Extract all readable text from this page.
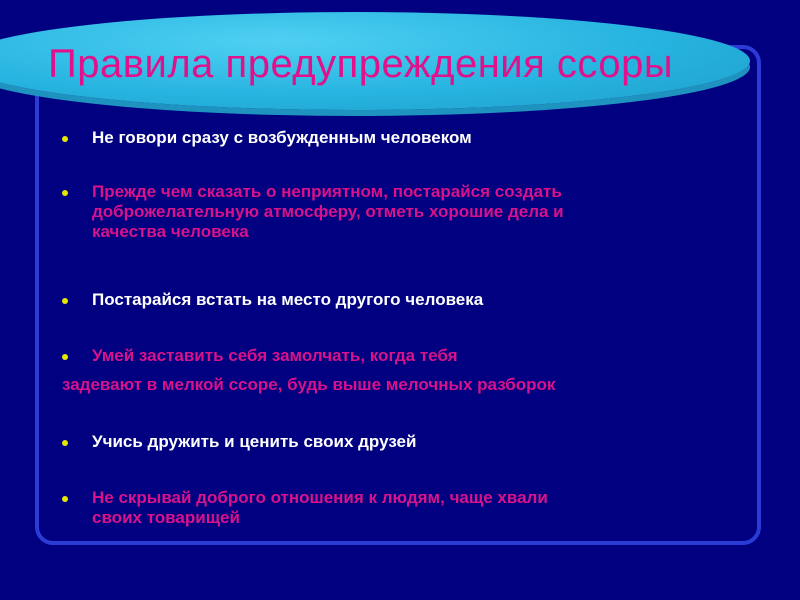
Правила предупреждения ссоры
Не говори сразу с возбужденным человеком
Прежде чем сказать о неприятном, постарайся создать
доброжелательную атмосферу, отметь хорошие дела и
качества человека
Постарайся встать на место другого человека
Умей заставить себя замолчать, когда тебя
задевают в мелкой ссоре, будь выше мелочных разборок
Учись дружить и ценить своих друзей
Не скрывай доброго отношения к людям, чаще хвали
своих товарищей
